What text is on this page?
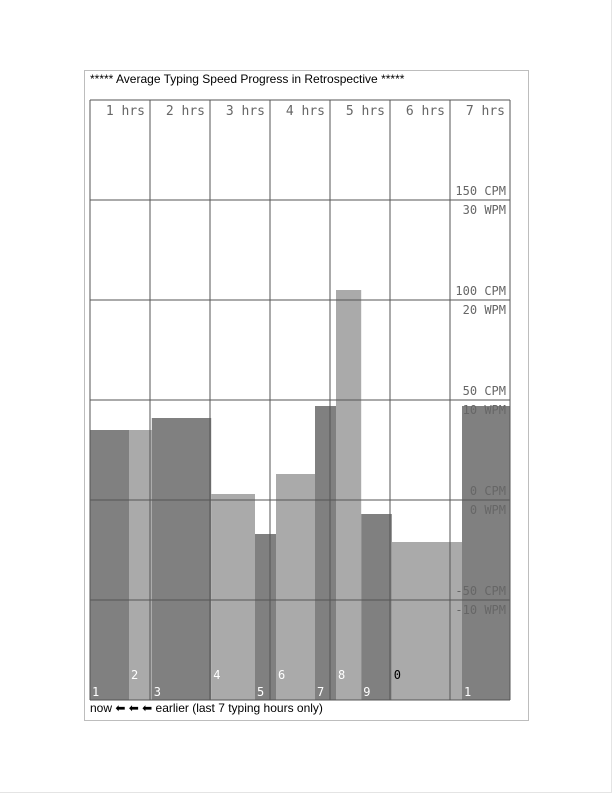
***** Average Typing Speed Progress in Retrospective *****
1 hrs 2 hrs 3 hrs 4 hrs 5 hrs 6 hrs 7 hrs
150 CPM
30 WPM
100 CPM
20 WPM
50 CPM
10 WPM
0 CPM
0 WPM
-50 CPM
-10 WPM
1
2
3
4
5
6
7
8
9
0
1
now ⬅ ⬅ ⬅ earlier (last 7 typing hours only)
